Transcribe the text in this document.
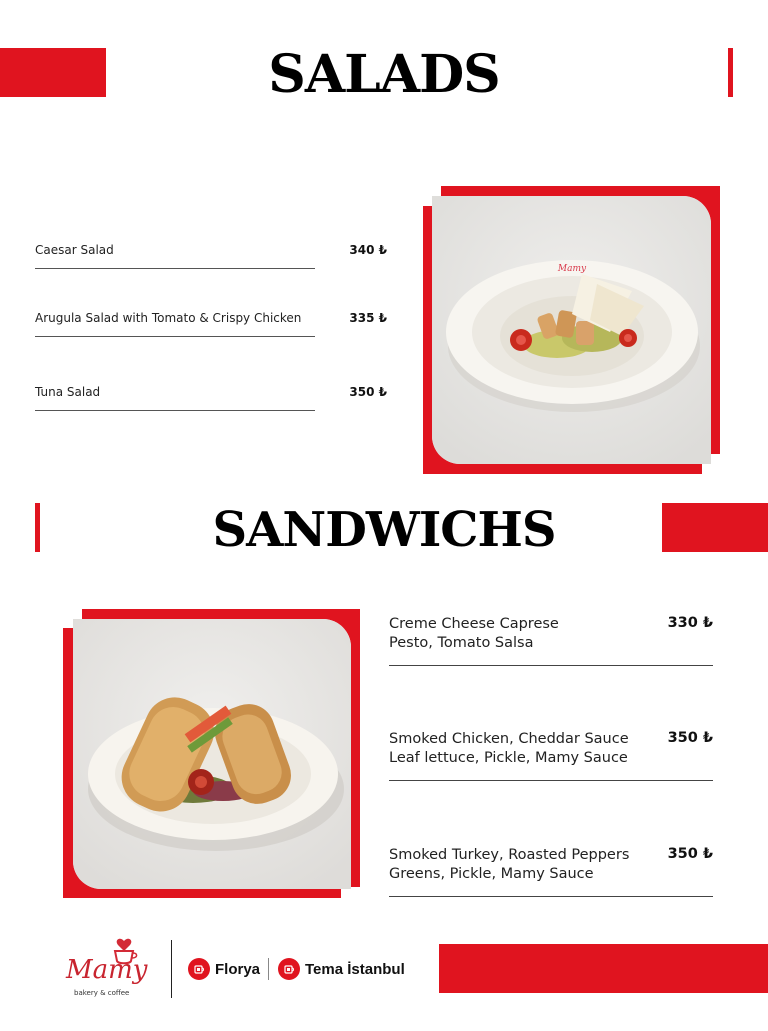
SALADS
Caesar Salad	340 ₺
Arugula Salad with Tomato & Crispy Chicken	335 ₺
Tuna Salad	350 ₺
Mamy
SANDWICHS
Creme Cheese Caprese
Pesto, Tomato Salsa
330 ₺
Smoked Chicken, Cheddar Sauce
Leaf lettuce, Pickle, Mamy Sauce
350 ₺
Smoked Turkey, Roasted Peppers
Greens, Pickle, Mamy Sauce
350 ₺
Mamy
bakery & coffee
Florya	Tema İstanbul
